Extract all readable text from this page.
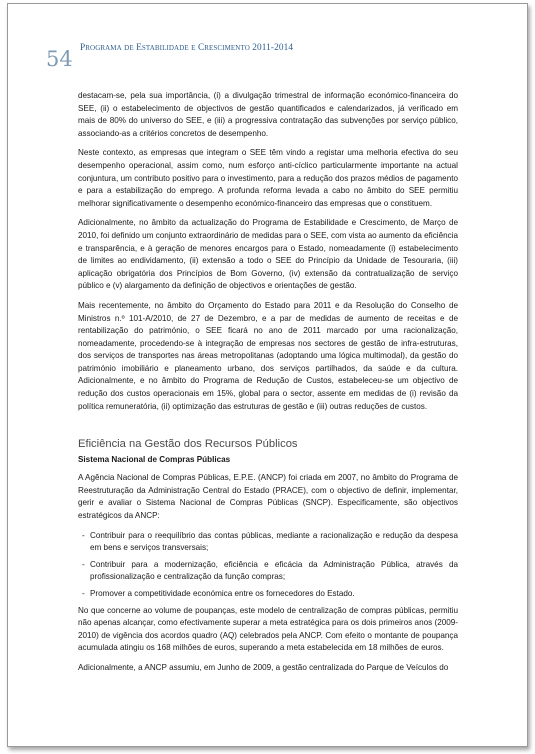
54 Programa de Estabilidade e Crescimento 2011-2014

destacam-se, pela sua importância, (i) a divulgação trimestral de informação económico-financeira do SEE, (ii) o estabelecimento de objectivos de gestão quantificados e calendarizados, já verificado em mais de 80% do universo do SEE, e (iii) a progressiva contratação das subvenções por serviço público, associando-as a critérios concretos de desempenho.

Neste contexto, as empresas que integram o SEE têm vindo a registar uma melhoria efectiva do seu desempenho operacional, assim como, num esforço anti-cíclico particularmente importante na actual conjuntura, um contributo positivo para o investimento, para a redução dos prazos médios de pagamento e para a estabilização do emprego. A profunda reforma levada a cabo no âmbito do SEE permitiu melhorar significativamente o desempenho económico-financeiro das empresas que o constituem.

Adicionalmente, no âmbito da actualização do Programa de Estabilidade e Crescimento, de Março de 2010, foi definido um conjunto extraordinário de medidas para o SEE, com vista ao aumento da eficiência e transparência, e à geração de menores encargos para o Estado, nomeadamente (i) estabelecimento de limites ao endividamento, (ii) extensão a todo o SEE do Princípio da Unidade de Tesouraria, (iii) aplicação obrigatória dos Princípios de Bom Governo, (iv) extensão da contratualização de serviço público e (v) alargamento da definição de objectivos e orientações de gestão.

Mais recentemente, no âmbito do Orçamento do Estado para 2011 e da Resolução do Conselho de Ministros n.º 101-A/2010, de 27 de Dezembro, e a par de medidas de aumento de receitas e de rentabilização do património, o SEE ficará no ano de 2011 marcado por uma racionalização, nomeadamente, procedendo-se à integração de empresas nos sectores de gestão de infra-estruturas, dos serviços de transportes nas áreas metropolitanas (adoptando uma lógica multimodal), da gestão do património imobiliário e planeamento urbano, dos serviços partilhados, da saúde e da cultura. Adicionalmente, e no âmbito do Programa de Redução de Custos, estabeleceu-se um objectivo de redução dos custos operacionais em 15%, global para o sector, assente em medidas de (i) revisão da política remuneratória, (ii) optimização das estruturas de gestão e (iii) outras reduções de custos.

Eficiência na Gestão dos Recursos Públicos
Sistema Nacional de Compras Públicas

A Agência Nacional de Compras Públicas, E.P.E. (ANCP) foi criada em 2007, no âmbito do Programa de Reestruturação da Administração Central do Estado (PRACE), com o objectivo de definir, implementar, gerir e avaliar o Sistema Nacional de Compras Públicas (SNCP). Especificamente, são objectivos estratégicos da ANCP:

- Contribuir para o reequilíbrio das contas públicas, mediante a racionalização e redução da despesa em bens e serviços transversais;
- Contribuir para a modernização, eficiência e eficácia da Administração Pública, através da profissionalização e centralização da função compras;
- Promover a competitividade económica entre os fornecedores do Estado.

No que concerne ao volume de poupanças, este modelo de centralização de compras públicas, permitiu não apenas alcançar, como efectivamente superar a meta estratégica para os dois primeiros anos (2009-2010) de vigência dos acordos quadro (AQ) celebrados pela ANCP. Com efeito o montante de poupança acumulada atingiu os 168 milhões de euros, superando a meta estabelecida em 18 milhões de euros.

Adicionalmente, a ANCP assumiu, em Junho de 2009, a gestão centralizada do Parque de Veículos do
